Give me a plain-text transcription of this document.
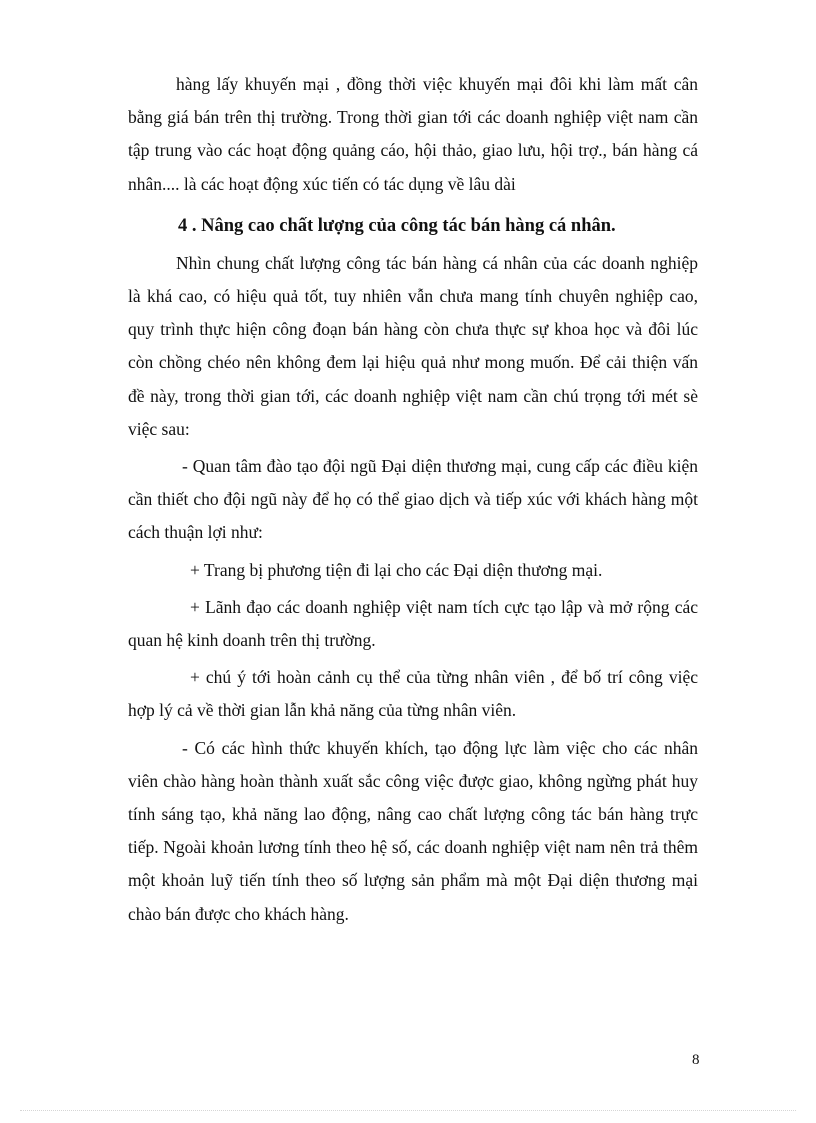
hàng lấy khuyến mại , đồng thời việc khuyến mại đôi khi làm mất cân bằng giá bán trên thị trường. Trong thời gian tới các doanh nghiệp việt nam cần tập trung vào các hoạt động quảng cáo, hội thảo, giao lưu, hội trợ., bán hàng cá nhân.... là các hoạt động xúc tiến có tác dụng về lâu dài

4 . Nâng cao chất lượng của công tác bán hàng cá nhân.

Nhìn chung chất lượng công tác bán hàng cá nhân của các doanh nghiệp là khá cao, có hiệu quả tốt, tuy nhiên vẫn chưa mang tính chuyên nghiệp cao, quy trình thực hiện công đoạn bán hàng còn chưa thực sự khoa học và đôi lúc còn chồng chéo nên không đem lại hiệu quả như mong muốn. Để cải thiện vấn đề này, trong thời gian tới, các doanh nghiệp việt nam cần chú trọng tới mét sè việc sau:

- Quan tâm đào tạo đội ngũ Đại diện thương mại, cung cấp các điều kiện cần thiết cho đội ngũ này để họ có thể giao dịch và tiếp xúc với khách hàng một cách thuận lợi như:

+ Trang bị phương tiện đi lại cho các Đại diện thương mại.

+ Lãnh đạo các doanh nghiệp việt nam tích cực tạo lập và mở rộng các quan hệ kinh doanh trên thị trường.

+ chú ý tới hoàn cảnh cụ thể của từng nhân viên , để bố trí công việc hợp lý cả về thời gian lẫn khả năng của từng nhân viên.

- Có các hình thức khuyến khích, tạo động lực làm việc cho các nhân viên chào hàng hoàn thành xuất sắc công việc được giao, không ngừng phát huy tính sáng tạo, khả năng lao động, nâng cao chất lượng công tác bán hàng trực tiếp. Ngoài khoản lương tính theo hệ số, các doanh nghiệp việt nam nên trả thêm một khoản luỹ tiến tính theo số lượng sản phẩm mà một Đại diện thương mại chào bán được cho khách hàng.

8
